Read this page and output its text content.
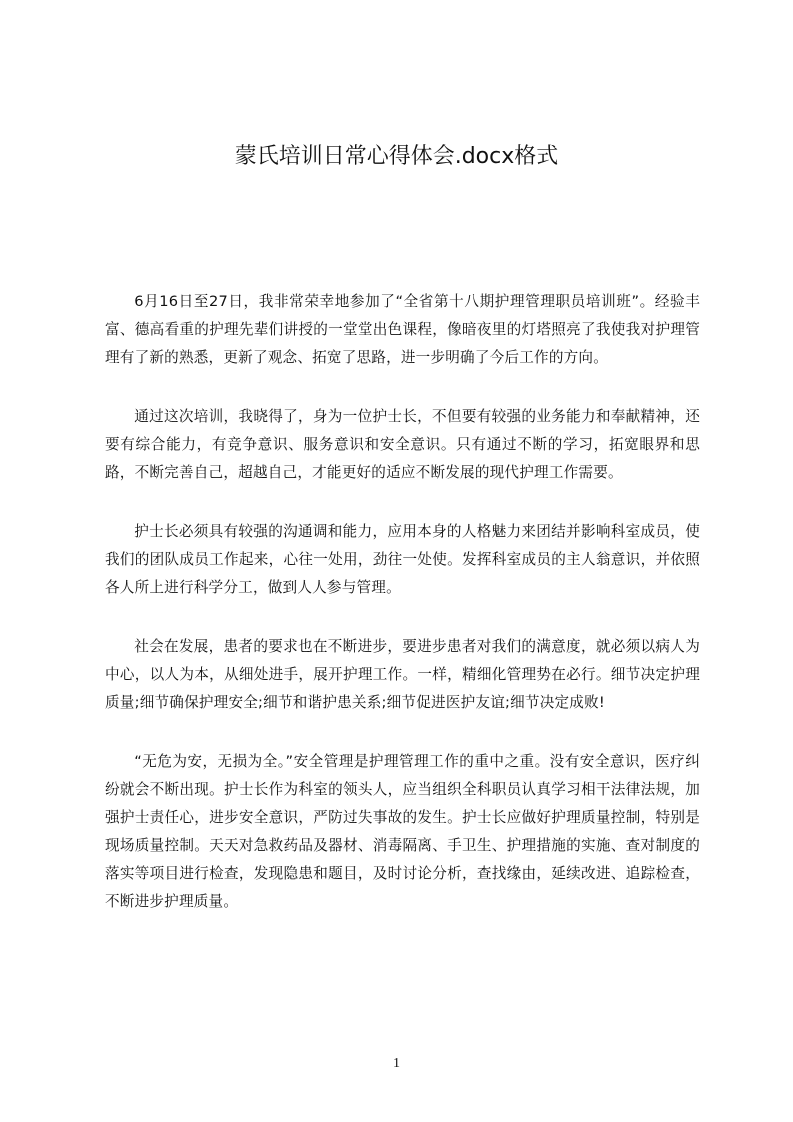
蒙氏培训日常心得体会.docx格式

6月16日至27日，我非常荣幸地参加了“全省第十八期护理管理职员培训班”。经验丰富、德高看重的护理先辈们讲授的一堂堂出色课程，像暗夜里的灯塔照亮了我使我对护理管理有了新的熟悉，更新了观念、拓宽了思路，进一步明确了今后工作的方向。

通过这次培训，我晓得了，身为一位护士长，不但要有较强的业务能力和奉献精神，还要有综合能力，有竞争意识、服务意识和安全意识。只有通过不断的学习，拓宽眼界和思路，不断完善自己，超越自己，才能更好的适应不断发展的现代护理工作需要。

护士长必须具有较强的沟通调和能力，应用本身的人格魅力来团结并影响科室成员，使我们的团队成员工作起来，心往一处用，劲往一处使。发挥科室成员的主人翁意识，并依照各人所上进行科学分工，做到人人参与管理。

社会在发展，患者的要求也在不断进步，要进步患者对我们的满意度，就必须以病人为中心，以人为本，从细处进手，展开护理工作。一样，精细化管理势在必行。细节决定护理质量;细节确保护理安全;细节和谐护患关系;细节促进医护友谊;细节决定成败!

“无危为安，无损为全。”安全管理是护理管理工作的重中之重。没有安全意识，医疗纠纷就会不断出现。护士长作为科室的领头人，应当组织全科职员认真学习相干法律法规，加强护士责任心，进步安全意识，严防过失事故的发生。护士长应做好护理质量控制，特别是现场质量控制。天天对急救药品及器材、消毒隔离、手卫生、护理措施的实施、查对制度的落实等项目进行检查，发现隐患和题目，及时讨论分析，查找缘由，延续改进、追踪检查，不断进步护理质量。

1
